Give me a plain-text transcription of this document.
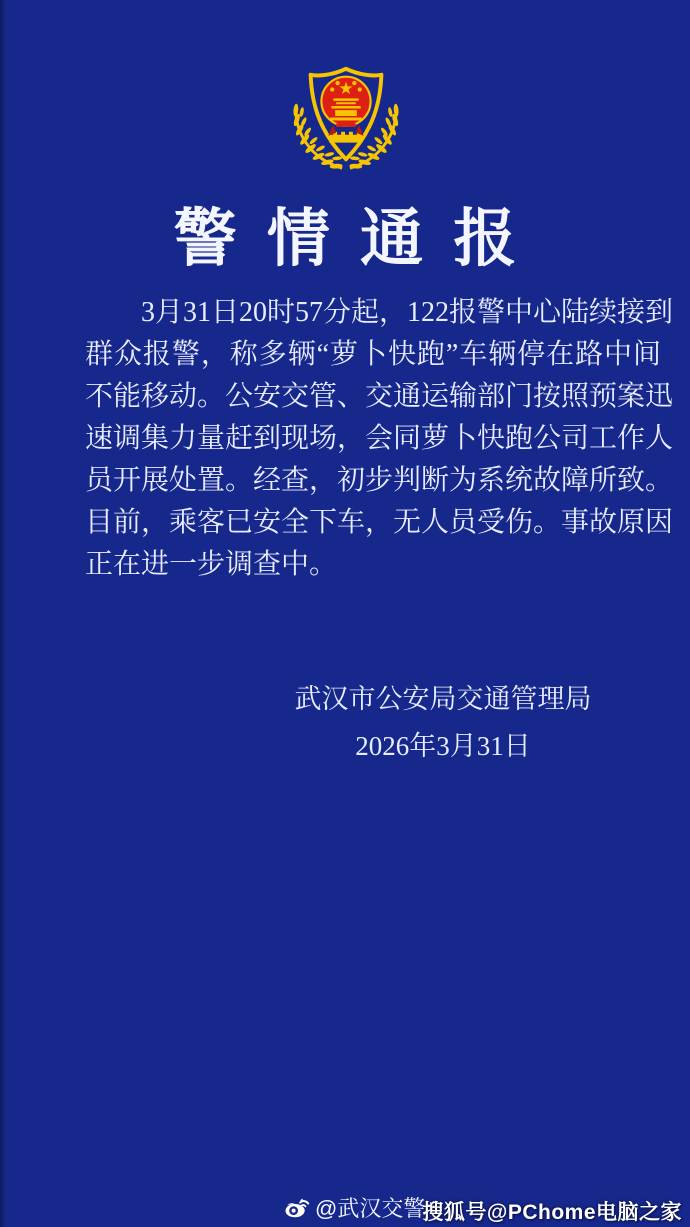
警情通报
3月31日20时57分起，122报警中心陆续接到
群众报警，称多辆“萝卜快跑”车辆停在路中间
不能移动。公安交管、交通运输部门按照预案迅
速调集力量赶到现场，会同萝卜快跑公司工作人
员开展处置。经查，初步判断为系统故障所致。
目前，乘客已安全下车，无人员受伤。事故原因
正在进一步调查中。
武汉市公安局交通管理局
2026年3月31日
@武汉交警
搜狐号@PChome电脑之家
